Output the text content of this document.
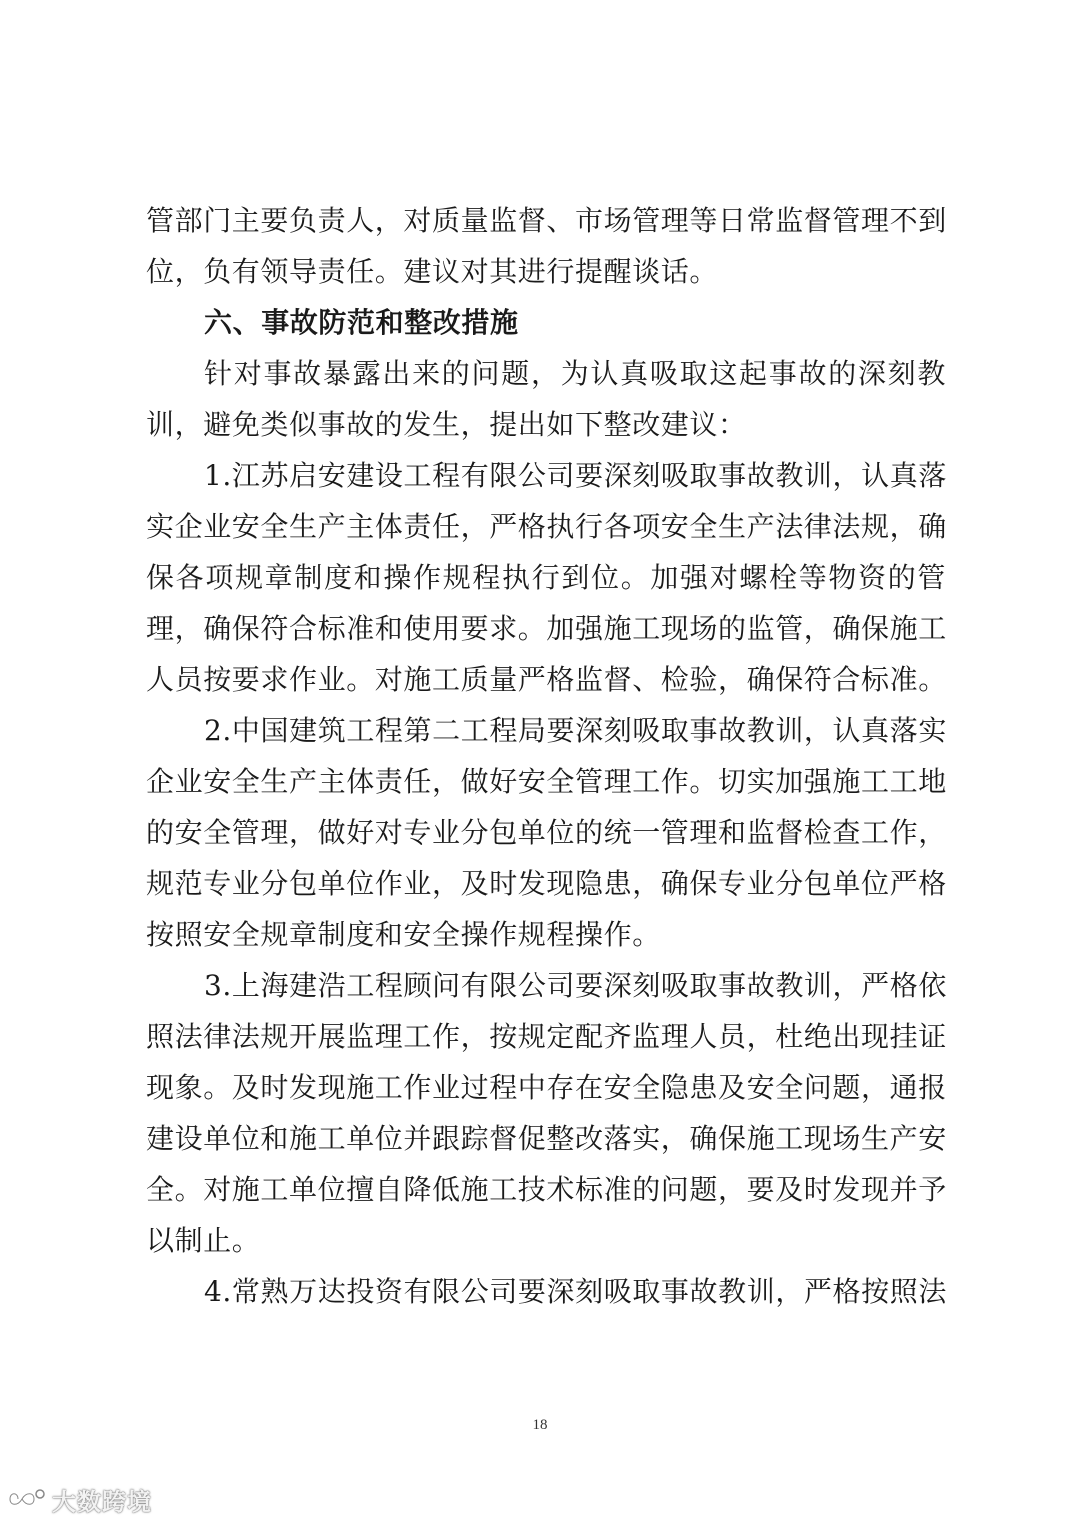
管部门主要负责人，对质量监督、市场管理等日常监督管理不到
位，负有领导责任。建议对其进行提醒谈话。
六、事故防范和整改措施
针对事故暴露出来的问题，为认真吸取这起事故的深刻教
训，避免类似事故的发生，提出如下整改建议：
1.江苏启安建设工程有限公司要深刻吸取事故教训，认真落
实企业安全生产主体责任，严格执行各项安全生产法律法规，确
保各项规章制度和操作规程执行到位。加强对螺栓等物资的管
理，确保符合标准和使用要求。加强施工现场的监管，确保施工
人员按要求作业。对施工质量严格监督、检验，确保符合标准。
2.中国建筑工程第二工程局要深刻吸取事故教训，认真落实
企业安全生产主体责任，做好安全管理工作。切实加强施工工地
的安全管理，做好对专业分包单位的统一管理和监督检查工作，
规范专业分包单位作业，及时发现隐患，确保专业分包单位严格
按照安全规章制度和安全操作规程操作。
3.上海建浩工程顾问有限公司要深刻吸取事故教训，严格依
照法律法规开展监理工作，按规定配齐监理人员，杜绝出现挂证
现象。及时发现施工作业过程中存在安全隐患及安全问题，通报
建设单位和施工单位并跟踪督促整改落实，确保施工现场生产安
全。对施工单位擅自降低施工技术标准的问题，要及时发现并予
以制止。
4.常熟万达投资有限公司要深刻吸取事故教训，严格按照法
18
大数跨境
